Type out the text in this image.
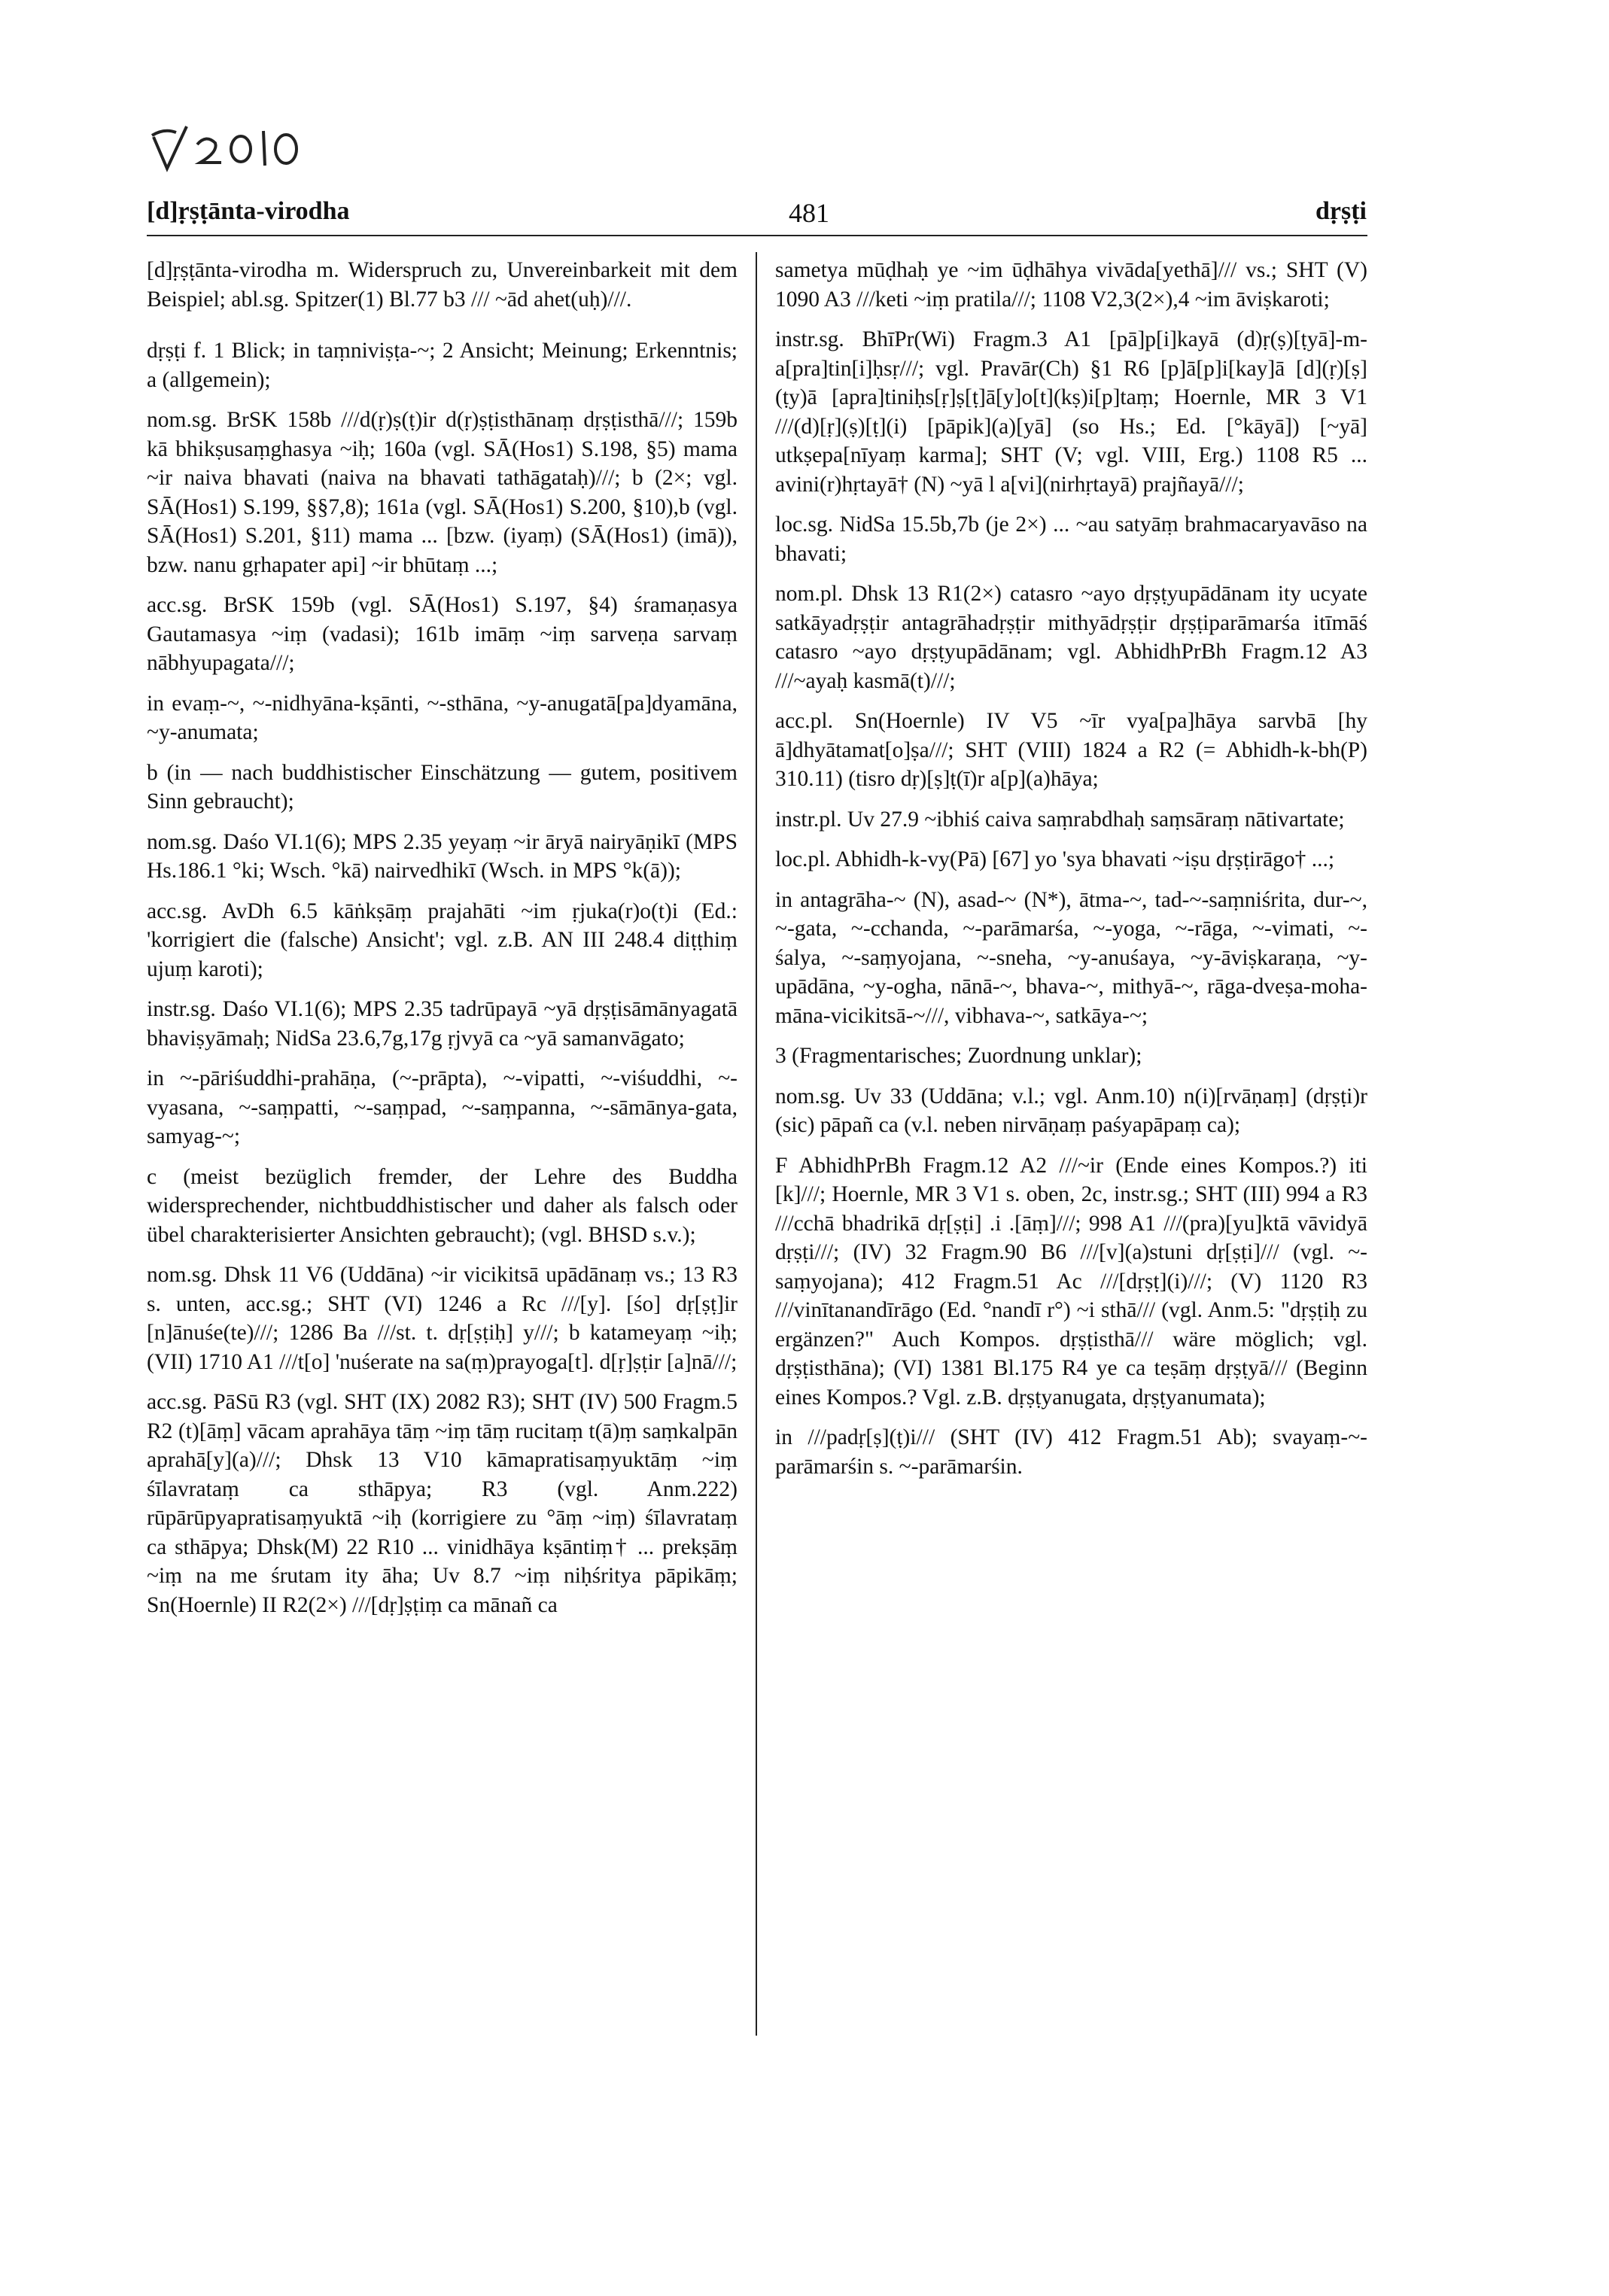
[d]ṛṣṭānta-virodha	481	dṛṣṭi

[d]ṛṣṭānta-virodha m. Widerspruch zu, Unvereinbarkeit mit dem Beispiel; abl.sg. Spitzer(1) Bl.77 b3 /// ~ād ahet(uḥ)///.

dṛṣṭi f. 1 Blick; in taṃniviṣṭa-~; 2 Ansicht; Meinung; Erkenntnis; a (allgemein);

nom.sg. BrSK 158b ///d(ṛ)ṣ(ṭ)ir d(ṛ)ṣṭisthānaṃ dṛṣṭisthā///; 159b kā bhikṣusaṃghasya ~iḥ; 160a (vgl. SĀ(Hos1) S.198, §5) mama ~ir naiva bhavati (naiva na bhavati tathāgataḥ)///; b (2×; vgl. SĀ(Hos1) S.199, §§7,8); 161a (vgl. SĀ(Hos1) S.200, §10),b (vgl. SĀ(Hos1) S.201, §11) mama ... [bzw. (iyaṃ) (SĀ(Hos1) (imā)), bzw. nanu gṛhapater api] ~ir bhūtaṃ ...;

acc.sg. BrSK 159b (vgl. SĀ(Hos1) S.197, §4) śramaṇasya Gautamasya ~iṃ (vadasi); 161b imāṃ ~iṃ sarveṇa sarvaṃ nābhyupagata///;

in evaṃ-~, ~-nidhyāna-kṣānti, ~-sthāna, ~y-anugatā[pa]dyamāna, ~y-anumata;

b (in — nach buddhistischer Einschätzung — gutem, positivem Sinn gebraucht);

nom.sg. Daśo VI.1(6); MPS 2.35 yeyaṃ ~ir āryā nairyāṇikī (MPS Hs.186.1 °ki; Wsch. °kā) nairvedhikī (Wsch. in MPS °k(ā));

acc.sg. AvDh 6.5 kāṅkṣāṃ prajahāti ~im ṛjuka(r)o(t)i (Ed.: 'korrigiert die (falsche) Ansicht'; vgl. z.B. AN III 248.4 diṭṭhiṃ ujuṃ karoti);

instr.sg. Daśo VI.1(6); MPS 2.35 tadrūpayā ~yā dṛṣṭisāmānyagatā bhaviṣyāmaḥ; NidSa 23.6,7g,17g ṛjvyā ca ~yā samanvāgato;

in ~-pāriśuddhi-prahāṇa, (~-prāpta), ~-vipatti, ~-viśuddhi, ~-vyasana, ~-saṃpatti, ~-saṃpad, ~-saṃpanna, ~-sāmānya-gata, samyag-~;

c (meist bezüglich fremder, der Lehre des Buddha widersprechender, nichtbuddhistischer und daher als falsch oder übel charakterisierter Ansichten gebraucht); (vgl. BHSD s.v.);

nom.sg. Dhsk 11 V6 (Uddāna) ~ir vicikitsā upādānaṃ vs.; 13 R3 s. unten, acc.sg.; SHT (VI) 1246 a Rc ///[y]. [śo] dṛ[ṣṭ]ir [n]ānuśe(te)///; 1286 Ba ///st. t. dṛ[ṣṭiḥ] y///; b katameyaṃ ~iḥ; (VII) 1710 A1 ///t[o] 'nuśerate na sa(ṃ)prayoga[t]. d[ṛ]ṣṭir [a]nā///;

acc.sg. PāSū R3 (vgl. SHT (IX) 2082 R3); SHT (IV) 500 Fragm.5 R2 (t)[āṃ] vācam aprahāya tāṃ ~iṃ tāṃ rucitaṃ t(ā)ṃ saṃkalpān aprahā[y](a)///; Dhsk 13 V10 kāmapratisaṃyuktāṃ ~iṃ śīlavrataṃ ca sthāpya; R3 (vgl. Anm.222) rūpārūpyapratisaṃyuktā ~iḥ (korrigiere zu °āṃ ~iṃ) śīlavrataṃ ca sthāpya; Dhsk(M) 22 R10 ... vinidhāya kṣāntiṃ† ... prekṣāṃ ~iṃ na me śrutam ity āha; Uv 8.7 ~iṃ niḥśritya pāpikāṃ; Sn(Hoernle) II R2(2×) ///[dṛ]ṣṭiṃ ca mānañ ca

sametya mūḍhaḥ ye ~im ūḍhāhya vivāda[yethā]/// vs.; SHT (V) 1090 A3 ///keti ~iṃ pratila///; 1108 V2,3(2×),4 ~im āviṣkaroti;

instr.sg. BhīPr(Wi) Fragm.3 A1 [pā]p[i]kayā (d)ṛ(ṣ)[ṭyā]-m-a[pra]tin[i]ḥsṛ///; vgl. Pravār(Ch) §1 R6 [p]ā[p]i[kay]ā [d](ṛ)[ṣ](ṭy)ā [apra]tiniḥs[ṛ]ṣ[ṭ]ā[y]o[t](kṣ)i[p]taṃ; Hoernle, MR 3 V1 ///(d)[ṛ](ṣ)[ṭ](i) [pāpik](a)[yā] (so Hs.; Ed. [°kāyā]) [~yā] utkṣepa[nīyaṃ karma]; SHT (V; vgl. VIII, Erg.) 1108 R5 ... avini(r)hṛtayā† (N) ~yā l a[vi](nirhṛtayā) prajñayā///;

loc.sg. NidSa 15.5b,7b (je 2×) ... ~au satyāṃ brahmacaryavāso na bhavati;

nom.pl. Dhsk 13 R1(2×) catasro ~ayo dṛṣṭyupādānam ity ucyate satkāyadṛṣṭir antagrāhadṛṣṭir mithyādṛṣṭir dṛṣṭiparāmarśa itīmāś catasro ~ayo dṛṣṭyupādānam; vgl. AbhidhPrBh Fragm.12 A3 ///~ayaḥ kasmā(t)///;

acc.pl. Sn(Hoernle) IV V5 ~īr vya[pa]hāya sarvbā [hy ā]dhyātamat[o]ṣa///; SHT (VIII) 1824 a R2 (= Abhidh-k-bh(P) 310.11) (tisro dṛ)[ṣ]ṭ(ī)r a[p](a)hāya;

instr.pl. Uv 27.9 ~ibhiś caiva saṃrabdhaḥ saṃsāraṃ nātivartate;

loc.pl. Abhidh-k-vy(Pā) [67] yo 'sya bhavati ~iṣu dṛṣṭirāgo† ...;

in antagrāha-~ (N), asad-~ (N*), ātma-~, tad-~-saṃniśrita, dur-~, ~-gata, ~-cchanda, ~-parāmarśa, ~-yoga, ~-rāga, ~-vimati, ~-śalya, ~-saṃyojana, ~-sneha, ~y-anuśaya, ~y-āviṣkaraṇa, ~y-upādāna, ~y-ogha, nānā-~, bhava-~, mithyā-~, rāga-dveṣa-moha-māna-vicikitsā-~///, vibhava-~, satkāya-~;

3 (Fragmentarisches; Zuordnung unklar);

nom.sg. Uv 33 (Uddāna; v.l.; vgl. Anm.10) n(i)[rvāṇaṃ] (dṛṣṭi)r (sic) pāpañ ca (v.l. neben nirvāṇaṃ paśyapāpaṃ ca);

F AbhidhPrBh Fragm.12 A2 ///~ir (Ende eines Kompos.?) iti [k]///; Hoernle, MR 3 V1 s. oben, 2c, instr.sg.; SHT (III) 994 a R3 ///cchā bhadrikā dṛ[ṣṭi] .i .[āṃ]///; 998 A1 ///(pra)[yu]ktā vāvidyā dṛṣṭi///; (IV) 32 Fragm.90 B6 ///[v](a)stuni dṛ[ṣṭi]/// (vgl. ~-saṃyojana); 412 Fragm.51 Ac ///[dṛṣṭ](i)///; (V) 1120 R3 ///vinītanandīrāgo (Ed. °nandī r°) ~i sthā/// (vgl. Anm.5: "dṛṣṭiḥ zu ergänzen?" Auch Kompos. dṛṣṭisthā/// wäre möglich; vgl. dṛṣṭisthāna); (VI) 1381 Bl.175 R4 ye ca teṣāṃ dṛṣṭyā/// (Beginn eines Kompos.? Vgl. z.B. dṛṣṭyanugata, dṛṣṭyanumata);

in ///padṛ[ṣ](ṭ)i/// (SHT (IV) 412 Fragm.51 Ab); svayaṃ-~-parāmarśin s. ~-parāmarśin.
